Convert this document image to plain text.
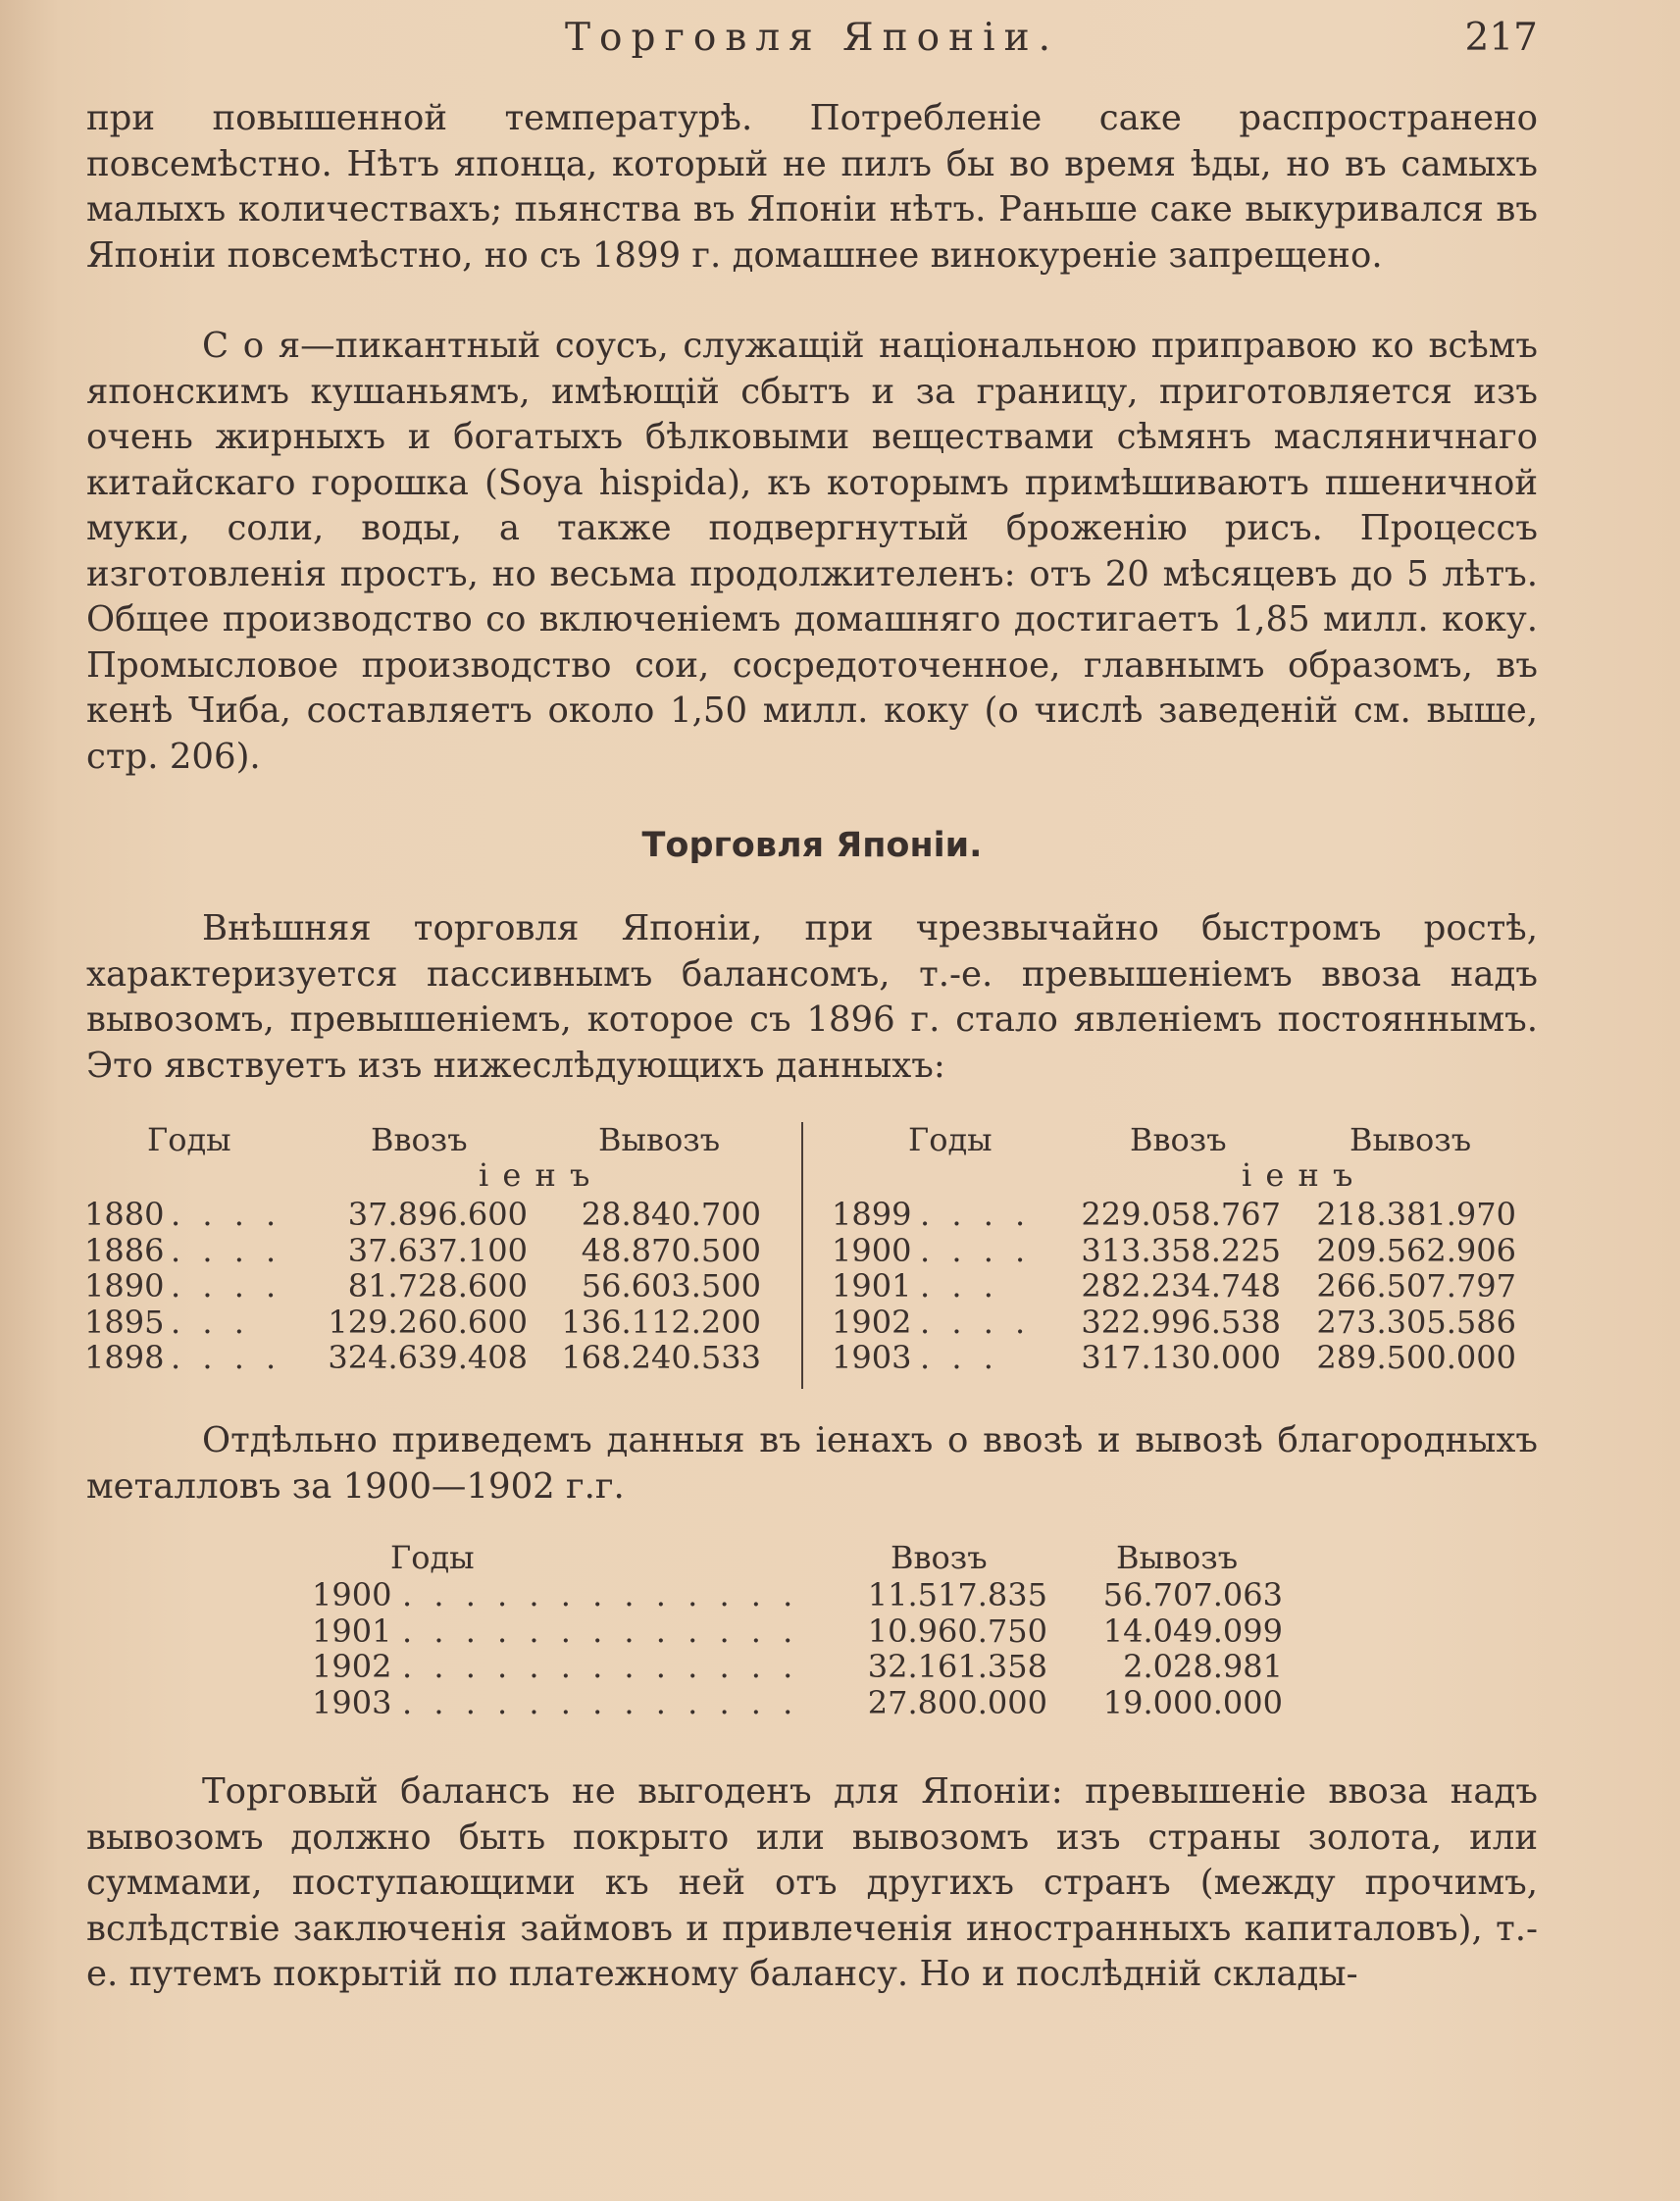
Торговля Японіи.	217

при повышенной температурѣ. Потребленіе саке распространено повсемѣстно. Нѣтъ японца, который не пилъ бы во время ѣды, но въ самыхъ малыхъ количествахъ; пьянства въ Японіи нѣтъ. Раньше саке выкуривался въ Японіи повсемѣстно, но съ 1899 г. домашнее винокуреніе запрещено.

С о я—пикантный соусъ, служащій національною приправою ко всѣмъ японскимъ кушаньямъ, имѣющій сбытъ и за границу, приготовляется изъ очень жирныхъ и богатыхъ бѣлковыми веществами сѣмянъ масляничнаго китайскаго горошка (Soya hispida), къ которымъ примѣшиваютъ пшеничной муки, соли, воды, а также подвергнутый броженію рисъ. Процессъ изготовленія простъ, но весьма продолжителенъ: отъ 20 мѣсяцевъ до 5 лѣтъ. Общее производство со включеніемъ домашняго достигаетъ 1,85 милл. коку. Промысловое производство сои, сосредоточенное, главнымъ образомъ, въ кенѣ Чиба, составляетъ около 1,50 милл. коку (о числѣ заведеній см. выше, стр. 206).

Торговля Японіи.

Внѣшняя торговля Японіи, при чрезвычайно быстромъ ростѣ, характеризуется пассивнымъ балансомъ, т.-е. превышеніемъ ввоза надъ вывозомъ, превышеніемъ, которое съ 1896 г. стало явленіемъ постояннымъ. Это явствуетъ изъ нижеслѣдующихъ данныхъ:

Годы	Ввозъ	Вывозъ
і е н ъ
1880 . . . .	37.896.600	28.840.700
1886 . . . .	37.637.100	48.870.500
1890 . . . .	81.728.600	56.603.500
1895 . . .	129.260.600	136.112.200
1898 . . . .	324.639.408	168.240.533
Годы	Ввозъ	Вывозъ
і е н ъ
1899 . . . .	229.058.767	218.381.970
1900 . . . .	313.358.225	209.562.906
1901 . . .	282.234.748	266.507.797
1902 . . . .	322.996.538	273.305.586
1903 . . .	317.130.000	289.500.000

Отдѣльно приведемъ данныя въ іенахъ о ввозѣ и вывозѣ благородныхъ металловъ за 1900—1902 г.г.

Годы	Ввозъ	Вывозъ
1900 . . . . . . . . . . . . .	11.517.835	56.707.063
1901 . . . . . . . . . . . . .	10.960.750	14.049.099
1902 . . . . . . . . . . . . .	32.161.358	2.028.981
1903 . . . . . . . . . . . . .	27.800.000	19.000.000

Торговый балансъ не выгоденъ для Японіи: превышеніе ввоза надъ вывозомъ должно быть покрыто или вывозомъ изъ страны золота, или суммами, поступающими къ ней отъ другихъ странъ (между прочимъ, вслѣдствіе заключенія займовъ и привлеченія иностранныхъ капиталовъ), т.-е. путемъ покрытій по платежному балансу. Но и послѣдній склады-
